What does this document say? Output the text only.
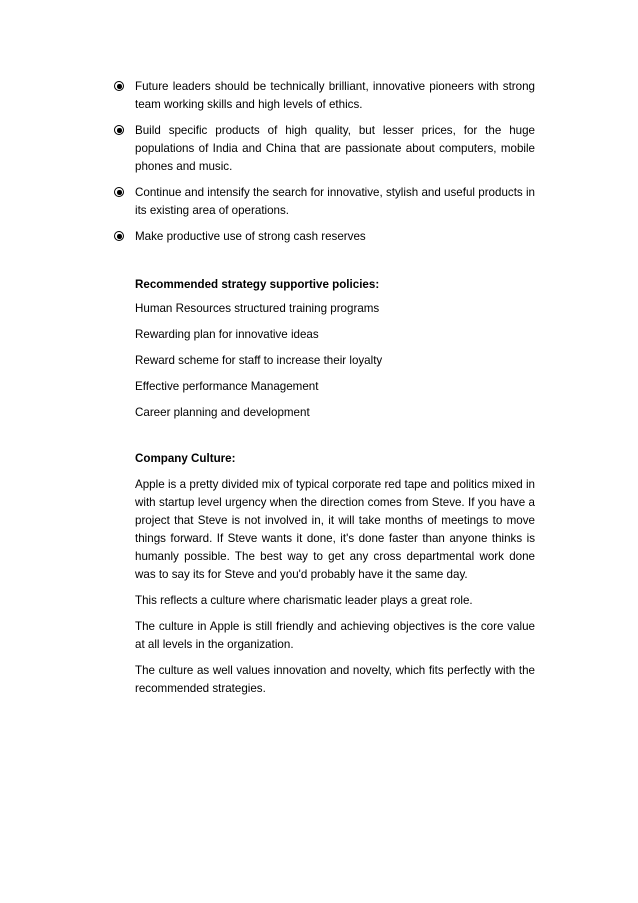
Future leaders should be technically brilliant, innovative pioneers with strong team working skills and high levels of ethics.
Build specific products of high quality, but lesser prices, for the huge populations of India and China that are passionate about computers, mobile phones and music.
Continue and intensify the search for innovative, stylish and useful products in its existing area of operations.
Make productive use of strong cash reserves

Recommended strategy supportive policies:

Human Resources structured training programs

Rewarding plan for innovative ideas

Reward scheme for staff to increase their loyalty

Effective performance Management

Career planning and development

Company Culture:

Apple is a pretty divided mix of typical corporate red tape and politics mixed in with startup level urgency when the direction comes from Steve. If you have a project that Steve is not involved in, it will take months of meetings to move things forward. If Steve wants it done, it's done faster than anyone thinks is humanly possible. The best way to get any cross departmental work done was to say its for Steve and you'd probably have it the same day.

This reflects a culture where charismatic leader plays a great role.

The culture in Apple is still friendly and achieving objectives is the core value at all levels in the organization.

The culture as well values innovation and novelty, which fits perfectly with the recommended strategies.
